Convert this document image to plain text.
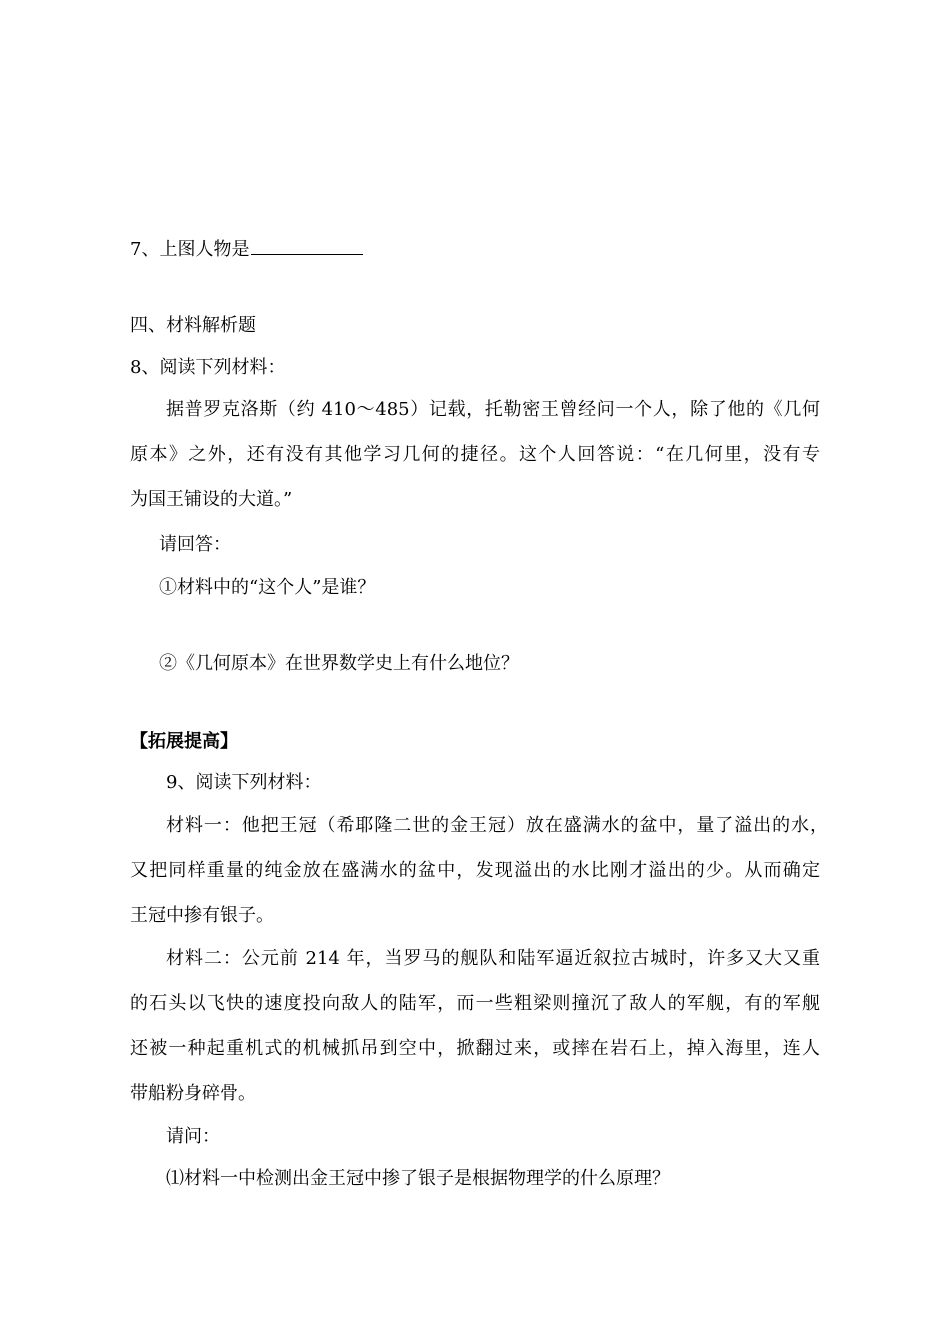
7、上图人物是
四、材料解析题
8、阅读下列材料：
据普罗克洛斯（约 410～485）记载，托勒密王曾经问一个人，除了他的《几何
原本》之外，还有没有其他学习几何的捷径。这个人回答说：“在几何里，没有专
为国王铺设的大道。”
请回答：
①材料中的“这个人”是谁？
②《几何原本》在世界数学史上有什么地位？
【拓展提高】
9、阅读下列材料：
材料一：他把王冠（希耶隆二世的金王冠）放在盛满水的盆中，量了溢出的水，
又把同样重量的纯金放在盛满水的盆中，发现溢出的水比刚才溢出的少。从而确定
王冠中掺有银子。
材料二：公元前 214 年，当罗马的舰队和陆军逼近叙拉古城时，许多又大又重
的石头以飞快的速度投向敌人的陆军，而一些粗梁则撞沉了敌人的军舰，有的军舰
还被一种起重机式的机械抓吊到空中，掀翻过来，或摔在岩石上，掉入海里，连人
带船粉身碎骨。
请问：
⑴材料一中检测出金王冠中掺了银子是根据物理学的什么原理？
